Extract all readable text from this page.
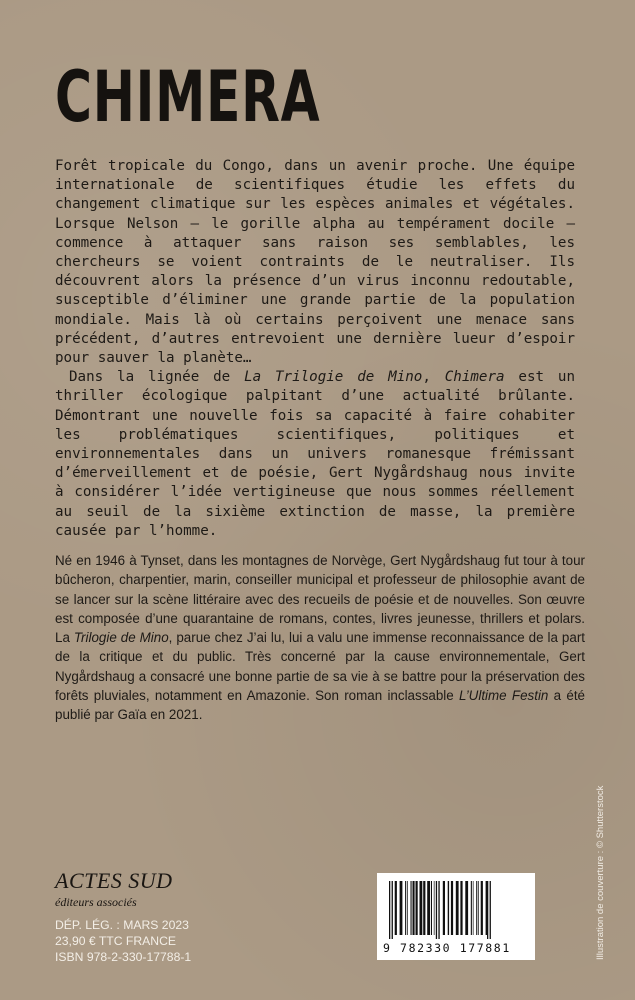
CHIMERA

Forêt tropicale du Congo, dans un avenir proche. Une équipe internationale de scientifiques étudie les effets du changement climatique sur les espèces animales et végétales. Lorsque Nelson — le gorille alpha au tempérament docile — commence à attaquer sans raison ses semblables, les chercheurs se voient contraints de le neutraliser. Ils découvrent alors la présence d’un virus inconnu redoutable, susceptible d’éliminer une grande partie de la population mondiale. Mais là où certains perçoivent une menace sans précédent, d’autres entrevoient une dernière lueur d’espoir pour sauver la planète…

Dans la lignée de La Trilogie de Mino, Chimera est un thriller écologique palpitant d’une actualité brûlante. Démontrant une nouvelle fois sa capacité à faire cohabiter les problématiques scientifiques, politiques et environnementales dans un univers romanesque frémissant d’émerveillement et de poésie, Gert Nygårdshaug nous invite à considérer l’idée vertigineuse que nous sommes réellement au seuil de la sixième extinction de masse, la première causée par l’homme.

Né en 1946 à Tynset, dans les montagnes de Norvège, Gert Nygårdshaug fut tour à tour bûcheron, charpentier, marin, conseiller municipal et professeur de philosophie avant de se lancer sur la scène littéraire avec des recueils de poésie et de nouvelles. Son œuvre est composée d’une quarantaine de romans, contes, livres jeunesse, thrillers et polars. La Trilogie de Mino, parue chez J’ai lu, lui a valu une immense reconnaissance de la part de la critique et du public. Très concerné par la cause environnementale, Gert Nygårdshaug a consacré une bonne partie de sa vie à se battre pour la préservation des forêts pluviales, notamment en Amazonie. Son roman inclassable L’Ultime Festin a été publié par Gaïa en 2021.

ACTES SUD
éditeurs associés
DÉP. LÉG. : MARS 2023
23,90 € TTC FRANCE
ISBN 978-2-330-17788-1
9 782330 177881	Illustration de couverture : © Shutterstock
